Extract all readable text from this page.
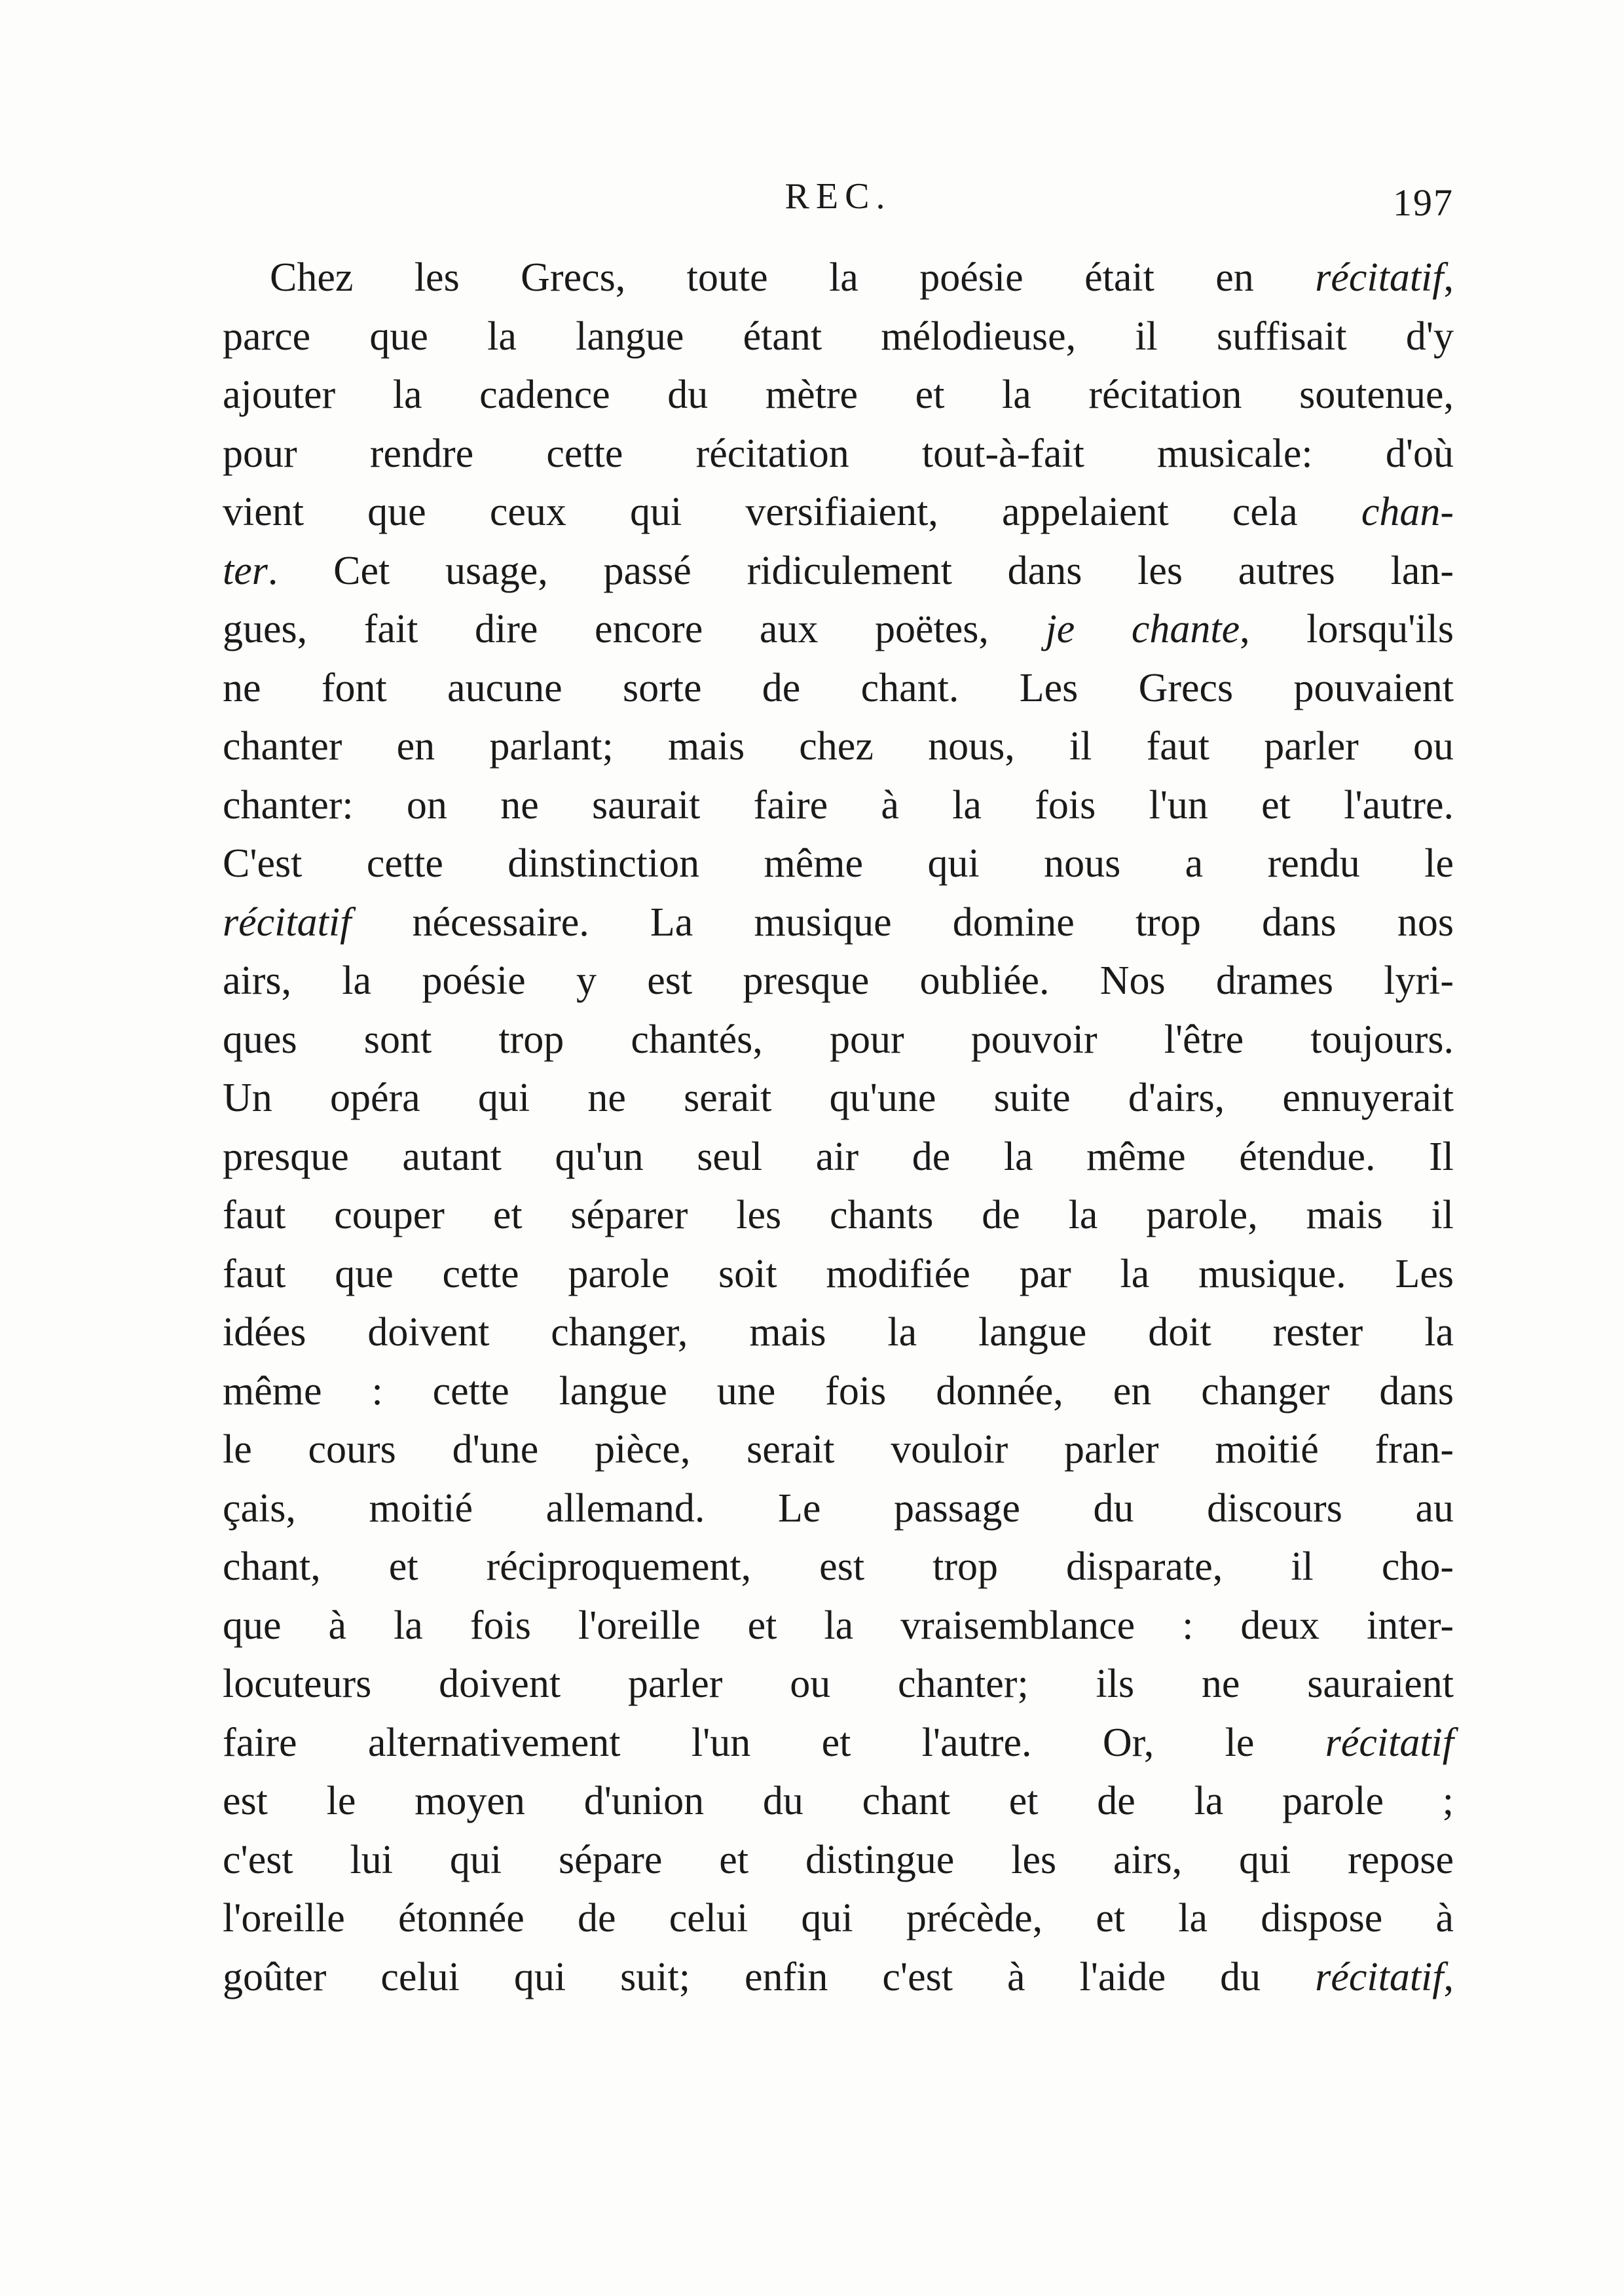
REC.	197
Chez les Grecs, toute la poésie était en récitatif,
parce que la langue étant mélodieuse, il suffisait d'y
ajouter la cadence du mètre et la récitation soutenue,
pour rendre cette récitation tout-à-fait musicale: d'où
vient que ceux qui versifiaient, appelaient cela chan-
ter. Cet usage, passé ridiculement dans les autres lan-
gues, fait dire encore aux poëtes, je chante, lorsqu'ils
ne font aucune sorte de chant. Les Grecs pouvaient
chanter en parlant; mais chez nous, il faut parler ou
chanter: on ne saurait faire à la fois l'un et l'autre.
C'est cette dinstinction même qui nous a rendu le
récitatif nécessaire. La musique domine trop dans nos
airs, la poésie y est presque oubliée. Nos drames lyri-
ques sont trop chantés, pour pouvoir l'être toujours.
Un opéra qui ne serait qu'une suite d'airs, ennuyerait
presque autant qu'un seul air de la même étendue. Il
faut couper et séparer les chants de la parole, mais il
faut que cette parole soit modifiée par la musique. Les
idées doivent changer, mais la langue doit rester la
même : cette langue une fois donnée, en changer dans
le cours d'une pièce, serait vouloir parler moitié fran-
çais, moitié allemand. Le passage du discours au
chant, et réciproquement, est trop disparate, il cho-
que à la fois l'oreille et la vraisemblance : deux inter-
locuteurs doivent parler ou chanter; ils ne sauraient
faire alternativement l'un et l'autre. Or, le récitatif
est le moyen d'union du chant et de la parole ;
c'est lui qui sépare et distingue les airs, qui repose
l'oreille étonnée de celui qui précède, et la dispose à
goûter celui qui suit; enfin c'est à l'aide du récitatif,
